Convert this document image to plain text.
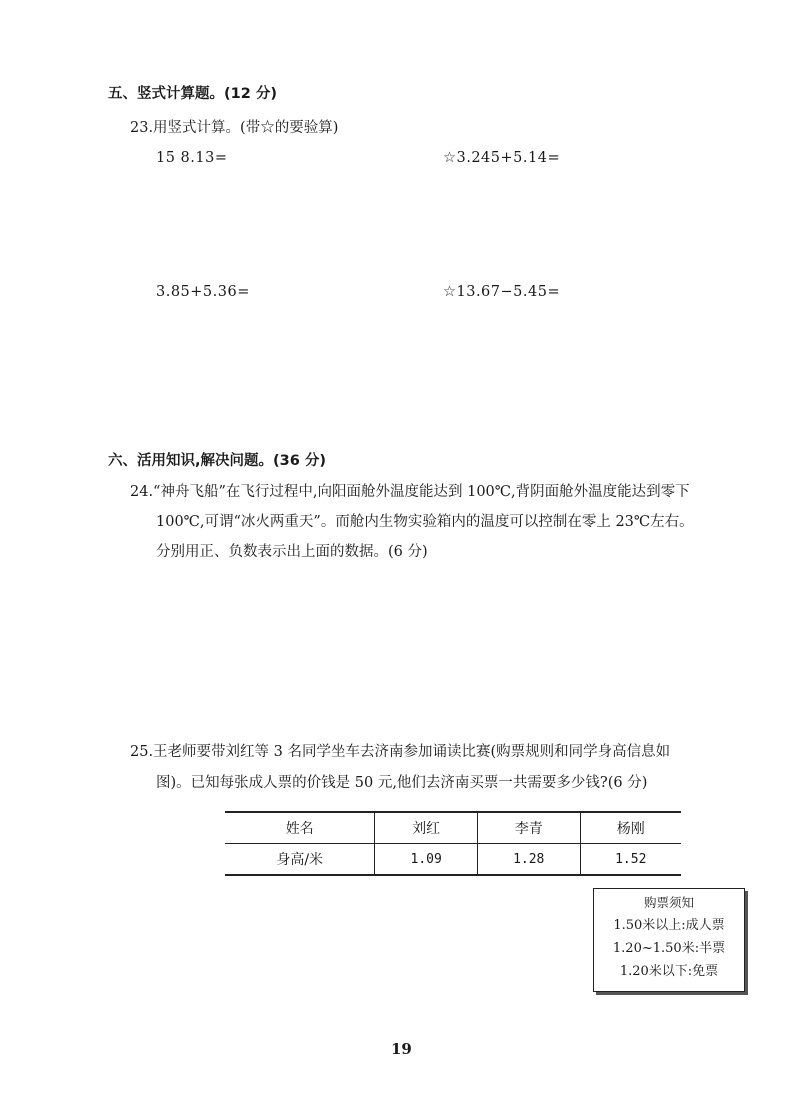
五、竖式计算题。(12 分)
23.用竖式计算。(带☆的要验算)
15 8.13=	☆3.245+5.14=
3.85+5.36=	☆13.67−5.45=
六、活用知识,解决问题。(36 分)
24.“神舟飞船”在飞行过程中,向阳面舱外温度能达到 100℃,背阴面舱外温度能达到零下
100℃,可谓“冰火两重天”。而舱内生物实验箱内的温度可以控制在零上 23℃左右。
分别用正、负数表示出上面的数据。(6 分)
25.王老师要带刘红等 3 名同学坐车去济南参加诵读比赛(购票规则和同学身高信息如
图)。已知每张成人票的价钱是 50 元,他们去济南买票一共需要多少钱?(6 分)
姓名	刘红	李青	杨刚
身高/米	1.09	1.28	1.52
购票须知
1.50米以上:成人票
1.20~1.50米:半票
1.20米以下:免票
19
